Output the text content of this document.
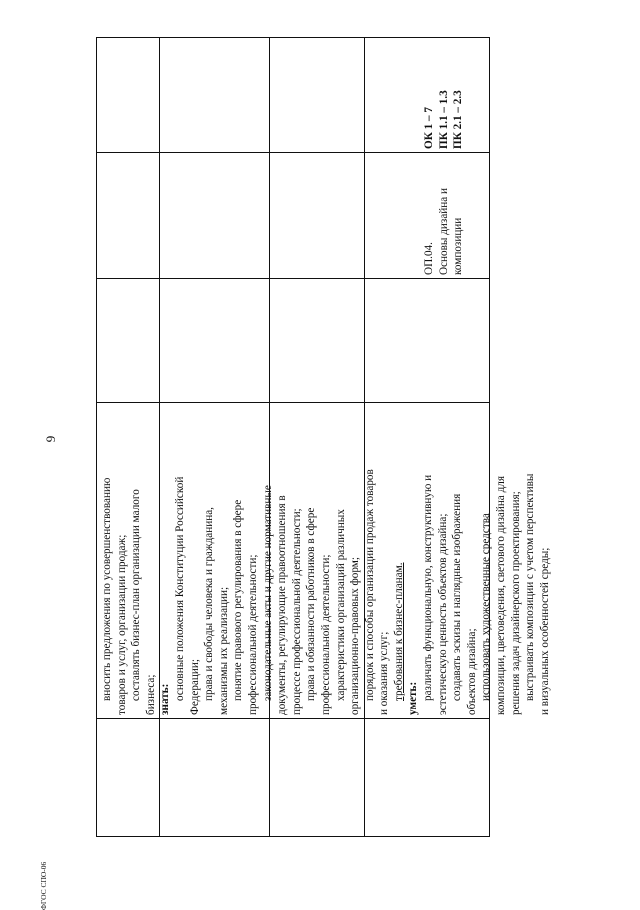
вносить предложения по усовершенствованию товаров и услуг, организации продаж; составлять бизнес-план организации малого бизнеса; знать: основные положения Конституции Российской Федерации; права и свободы человека и гражданина, механизмы их реализации; понятие правового регулирования в сфере профессиональной деятельности; законодательные акты и другие нормативные документы, регулирующие правоотношения в процессе профессиональной деятельности; права и обязанности работников в сфере профессиональной деятельности; характеристики организаций различных организационно-правовых форм; порядок и способы организации продаж товаров и оказания услуг; требования к бизнес-планам. уметь: различать функциональную, конструктивную и эстетическую ценность объектов дизайна; создавать эскизы и наглядные изображения объектов дизайна; использовать художественные средства композиции, цветоведения, светового дизайна для решения задач дизайнерского проектирования; выстраивать композиции с учетом перспективы и визуальных особенностей среды;
ОП.04. Основы дизайна и композиции
ОК 1 – 7 ПК 1.1 – 1.3 ПК 2.1 – 2.3
9
ФГОС СПО-06
